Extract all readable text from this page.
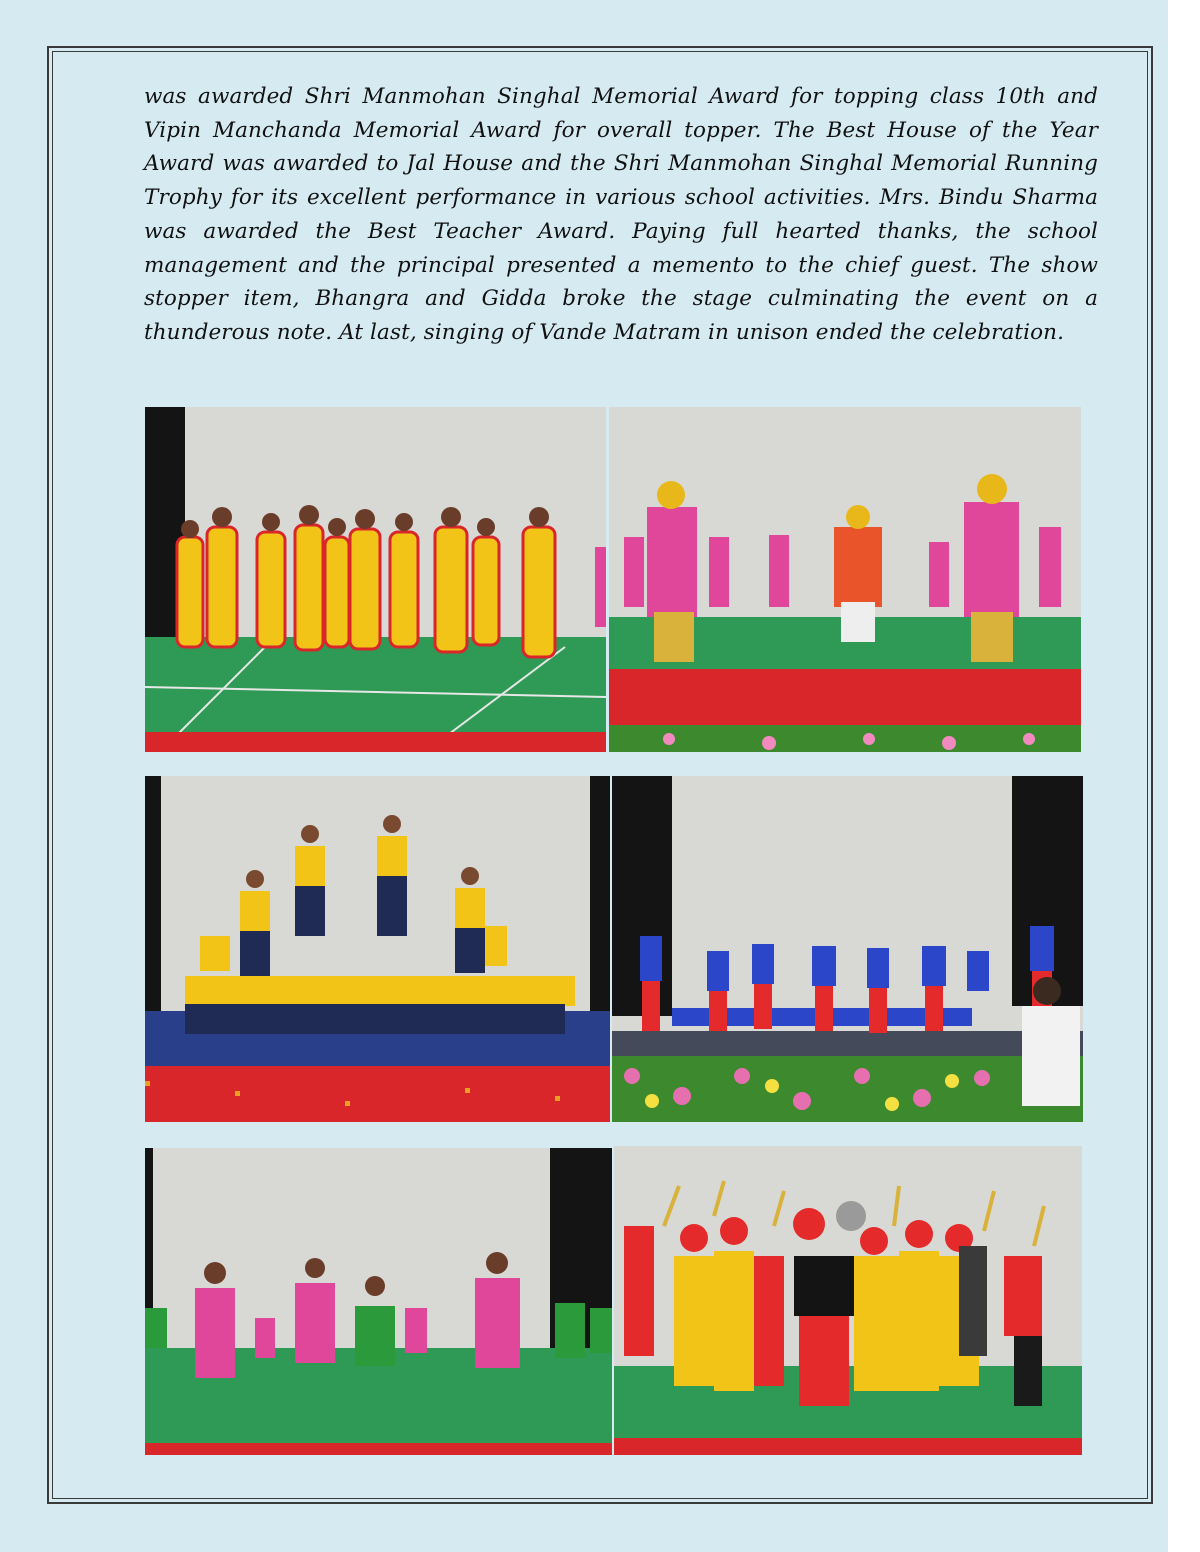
was awarded Shri Manmohan Singhal Memorial Award for topping class 10th and Vipin Manchanda Memorial Award for overall topper. The Best House of the Year Award was awarded to Jal House and the Shri Manmohan Singhal Memorial Running Trophy for its excellent performance in various school activities. Mrs. Bindu Sharma was awarded the Best Teacher Award. Paying full hearted thanks, the school management and the principal presented a memento to the chief guest. The show stopper item, Bhangra and Gidda broke the stage culminating the event on a thunderous note. At last, singing of Vande Matram in unison ended the celebration.
